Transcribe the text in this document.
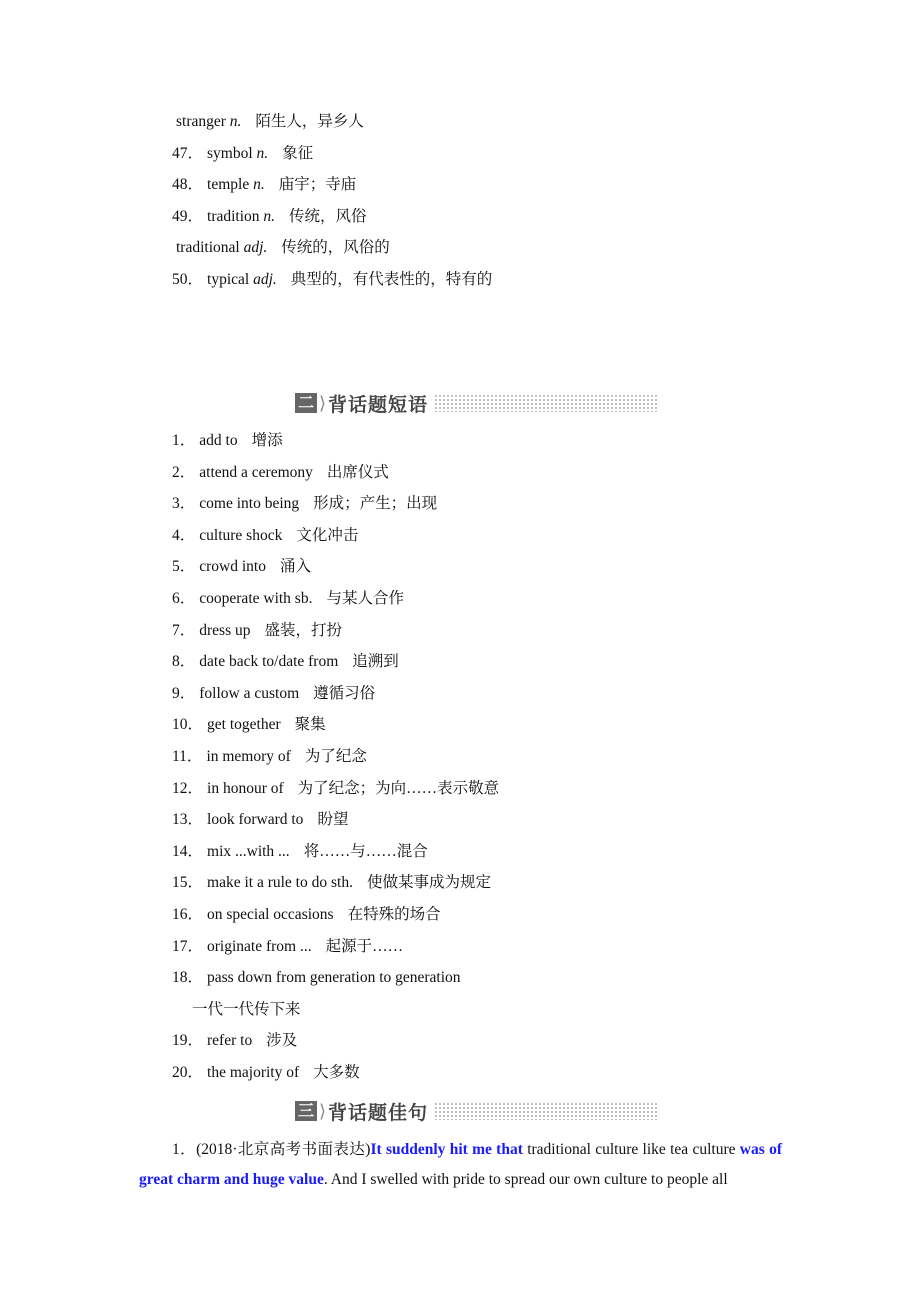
stranger n. 陌生人，异乡人
47． symbol n. 象征
48． temple n. 庙宇；寺庙
49． tradition n. 传统，风俗
traditional adj. 传统的，风俗的
50． typical adj. 典型的，有代表性的，特有的
二 ⟩ 背话题短语
1． add to 增添
2． attend a ceremony 出席仪式
3． come into being 形成；产生；出现
4． culture shock 文化冲击
5． crowd into 涌入
6． cooperate with sb. 与某人合作
7． dress up 盛装，打扮
8． date back to/date from 追溯到
9． follow a custom 遵循习俗
10． get together 聚集
11． in memory of 为了纪念
12． in honour of 为了纪念；为向……表示敬意
13． look forward to 盼望
14． mix ...with ... 将……与……混合
15． make it a rule to do sth. 使做某事成为规定
16． on special occasions 在特殊的场合
17． originate from ... 起源于……
18． pass down from generation to generation
一代一代传下来
19． refer to 涉及
20． the majority of 大多数
三 ⟩ 背话题佳句
1．(2018·北京高考书面表达)It suddenly hit me that traditional culture like tea culture was of great charm and huge value. And I swelled with pride to spread our own culture to people all
